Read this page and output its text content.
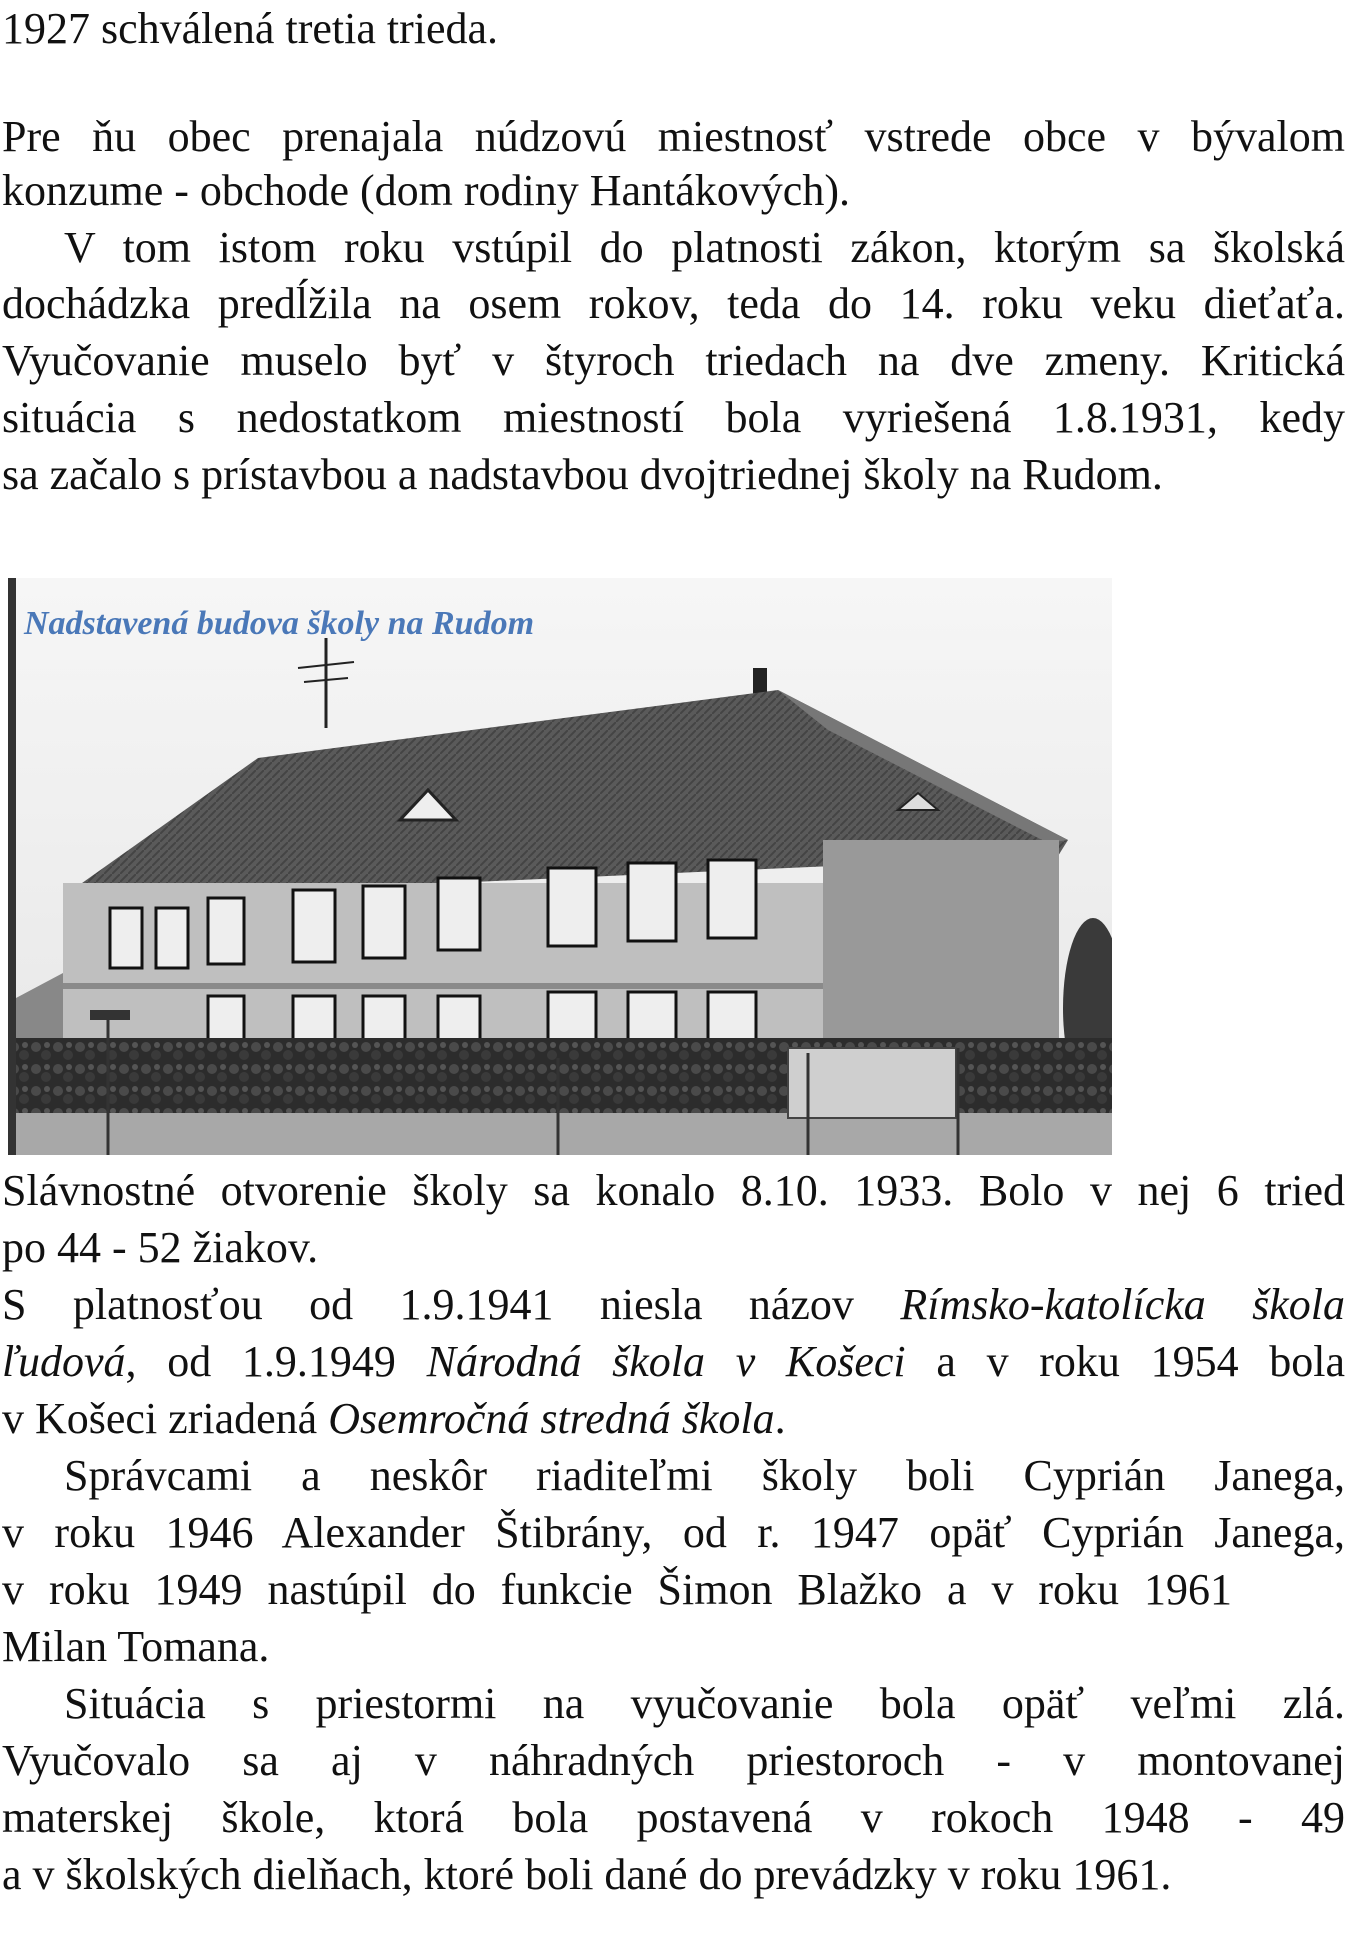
1927 schválená tretia trieda.
Pre ňu obec prenajala núdzovú miestnosť vstrede obce v bývalom
konzume - obchode (dom rodiny Hantákových).
V tom istom roku vstúpil do platnosti zákon, ktorým sa školská
dochádzka predĺžila na osem rokov, teda do 14. roku veku dieťaťa.
Vyučovanie muselo byť v štyroch triedach na dve zmeny. Kritická
situácia s nedostatkom miestností bola vyriešená 1.8.1931, kedy
sa začalo s prístavbou a nadstavbou dvojtriednej školy na Rudom.
Nadstavená budova školy na Rudom
Slávnostné otvorenie školy sa konalo 8.10. 1933. Bolo v nej 6 tried
po 44 - 52 žiakov.
S platnosťou od 1.9.1941 niesla názov Rímsko-katolícka škola
ľudová, od 1.9.1949 Národná škola v Košeci a v roku 1954 bola
v Košeci zriadená Osemročná stredná škola.
Správcami a neskôr riaditeľmi školy boli Cyprián Janega,
v roku 1946 Alexander Štibrány, od r. 1947 opäť Cyprián Janega,
v roku 1949 nastúpil do funkcie Šimon Blažko a v roku 1961
Milan Tomana.
Situácia s priestormi na vyučovanie bola opäť veľmi zlá.
Vyučovalo sa aj v náhradných priestoroch - v montovanej
materskej škole, ktorá bola postavená v rokoch 1948 - 49
a v školských dielňach, ktoré boli dané do prevádzky v roku 1961.
